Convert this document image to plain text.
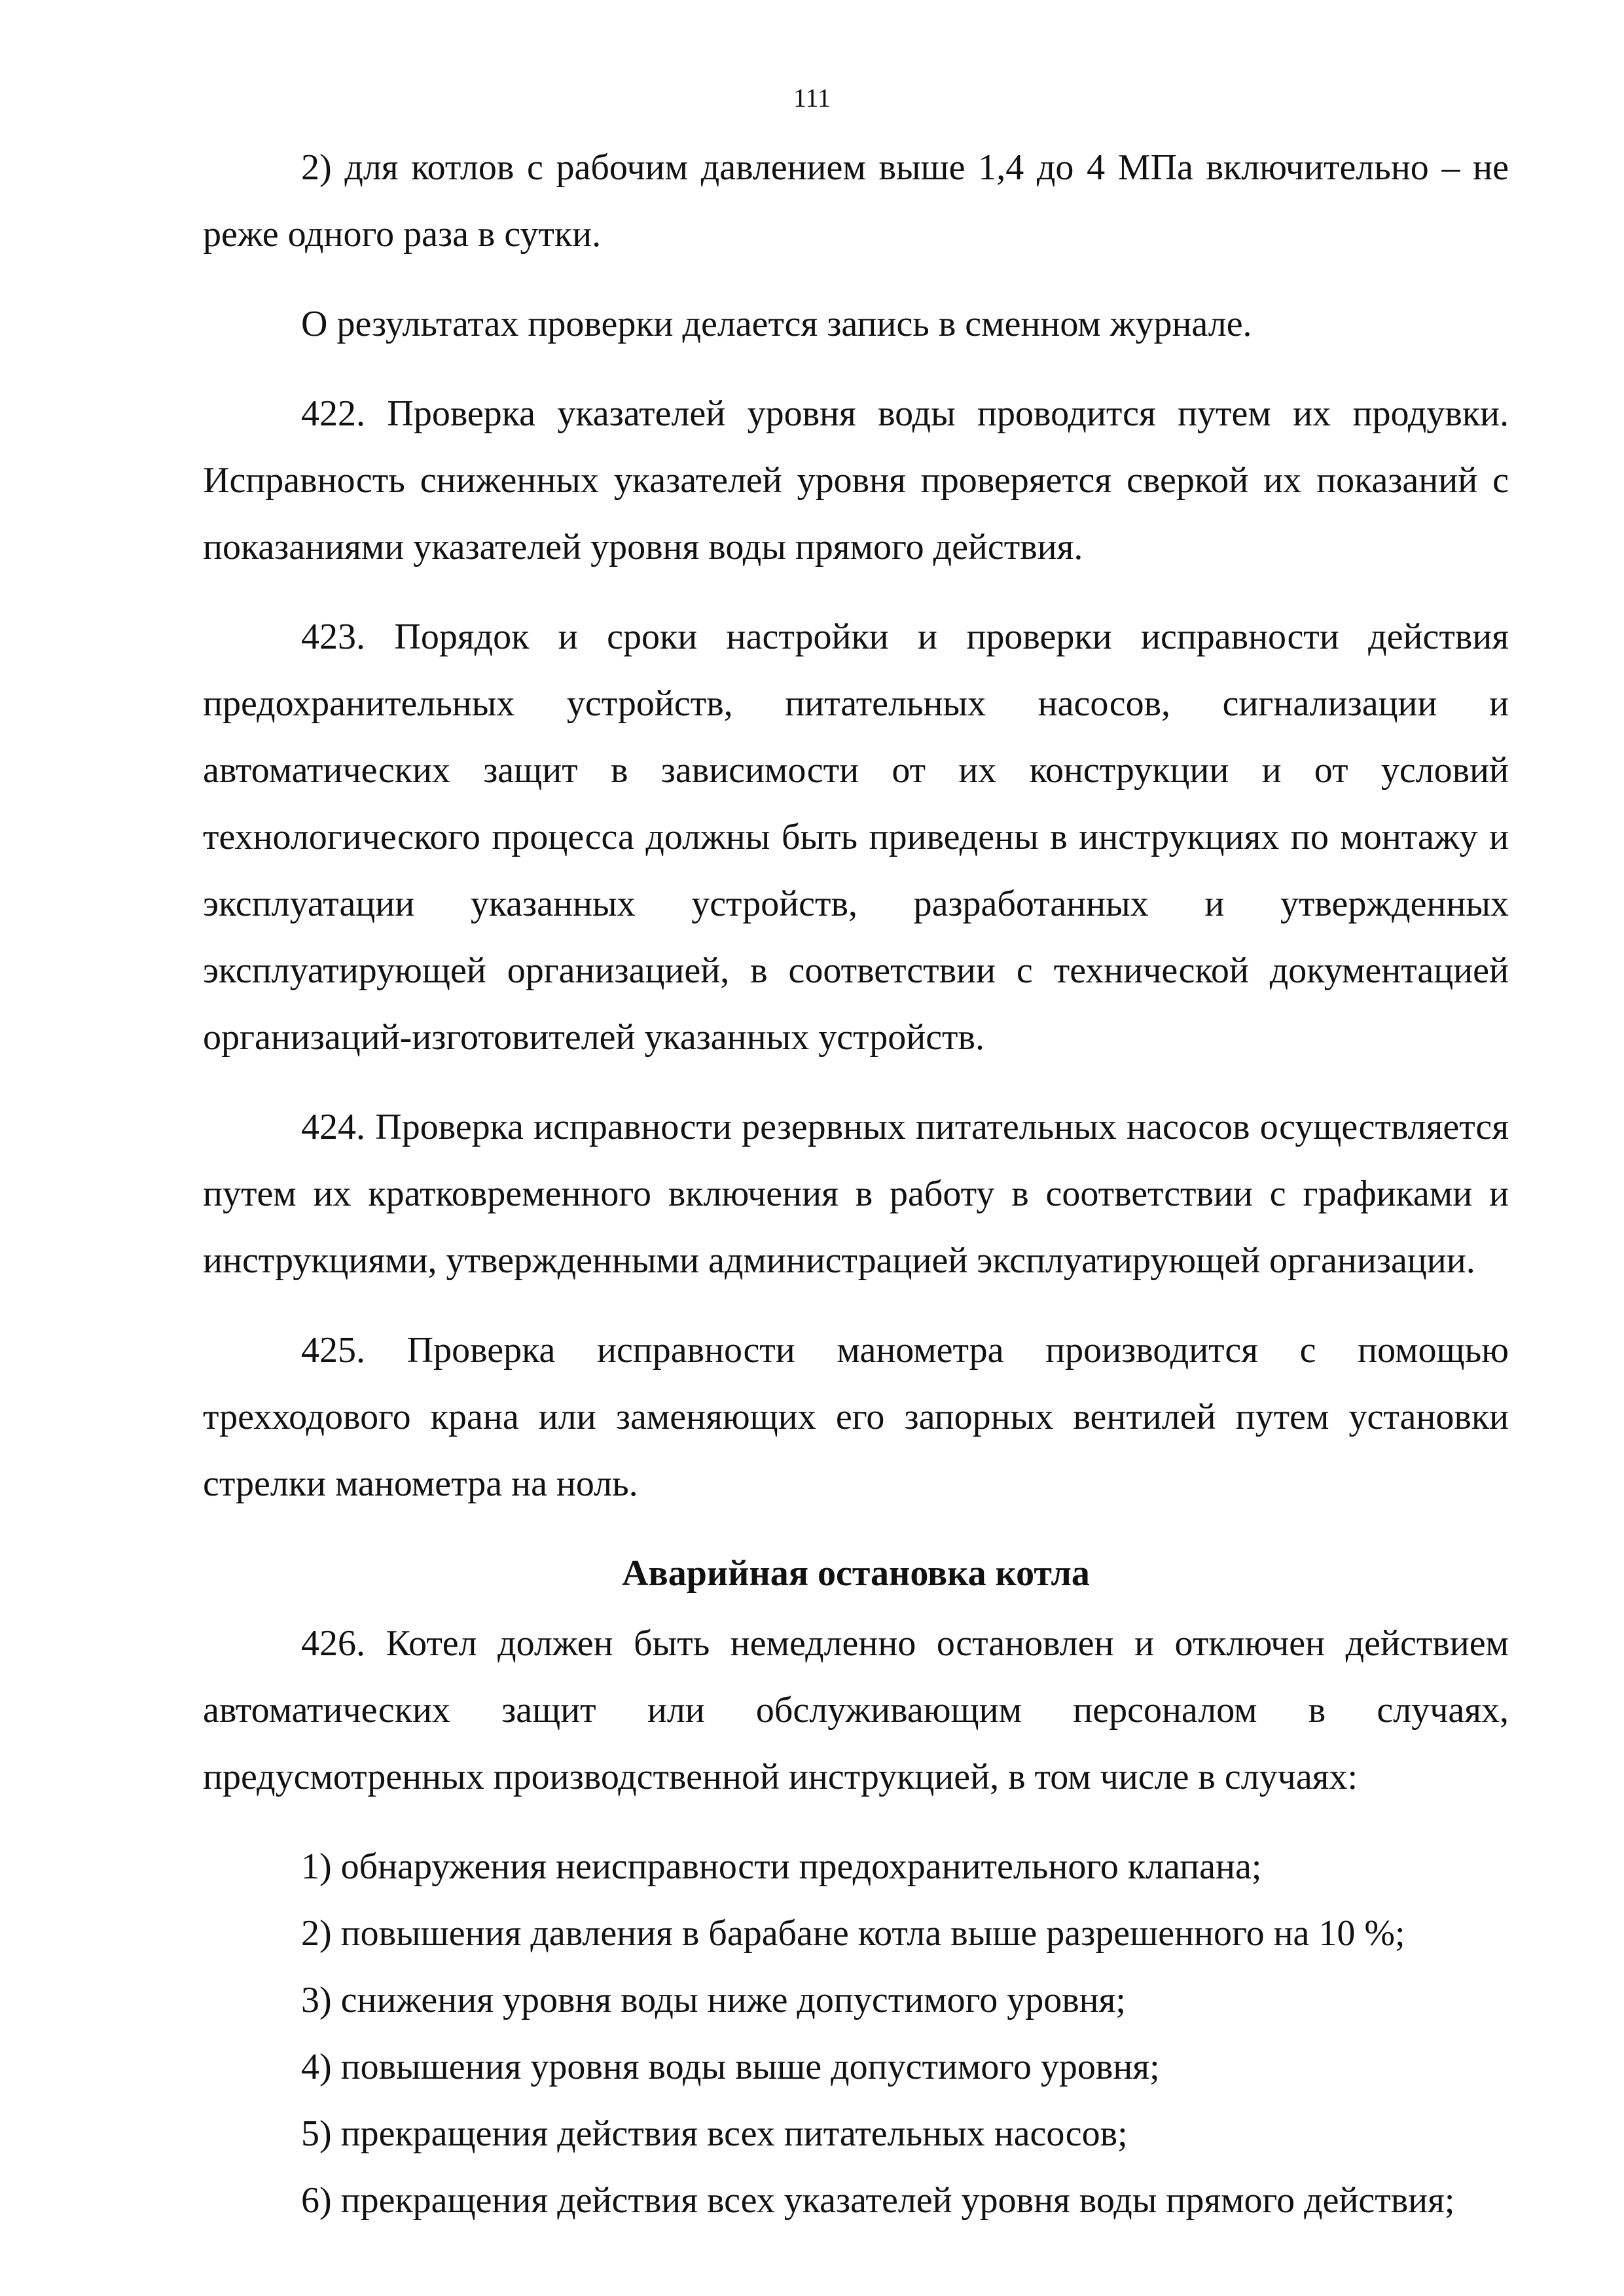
111

2) для котлов с рабочим давлением выше 1,4 до 4 МПа включительно – не реже одного раза в сутки.

О результатах проверки делается запись в сменном журнале.

422. Проверка указателей уровня воды проводится путем их продувки. Исправность сниженных указателей уровня проверяется сверкой их показаний с показаниями указателей уровня воды прямого действия.

423. Порядок и сроки настройки и проверки исправности действия предохранительных устройств, питательных насосов, сигнализации и автоматических защит в зависимости от их конструкции и от условий технологического процесса должны быть приведены в инструкциях по монтажу и эксплуатации указанных устройств, разработанных и утвержденных эксплуатирующей организацией, в соответствии с технической документацией организаций-изготовителей указанных устройств.

424. Проверка исправности резервных питательных насосов осуществляется путем их кратковременного включения в работу в соответствии с графиками и инструкциями, утвержденными администрацией эксплуатирующей организации.

425. Проверка исправности манометра производится с помощью трехходового крана или заменяющих его запорных вентилей путем установки стрелки манометра на ноль.

Аварийная остановка котла

426. Котел должен быть немедленно остановлен и отключен действием автоматических защит или обслуживающим персоналом в случаях, предусмотренных производственной инструкцией, в том числе в случаях:

1) обнаружения неисправности предохранительного клапана;

2) повышения давления в барабане котла выше разрешенного на 10 %;

3) снижения уровня воды ниже допустимого уровня;

4) повышения уровня воды выше допустимого уровня;

5) прекращения действия всех питательных насосов;

6) прекращения действия всех указателей уровня воды прямого действия;
